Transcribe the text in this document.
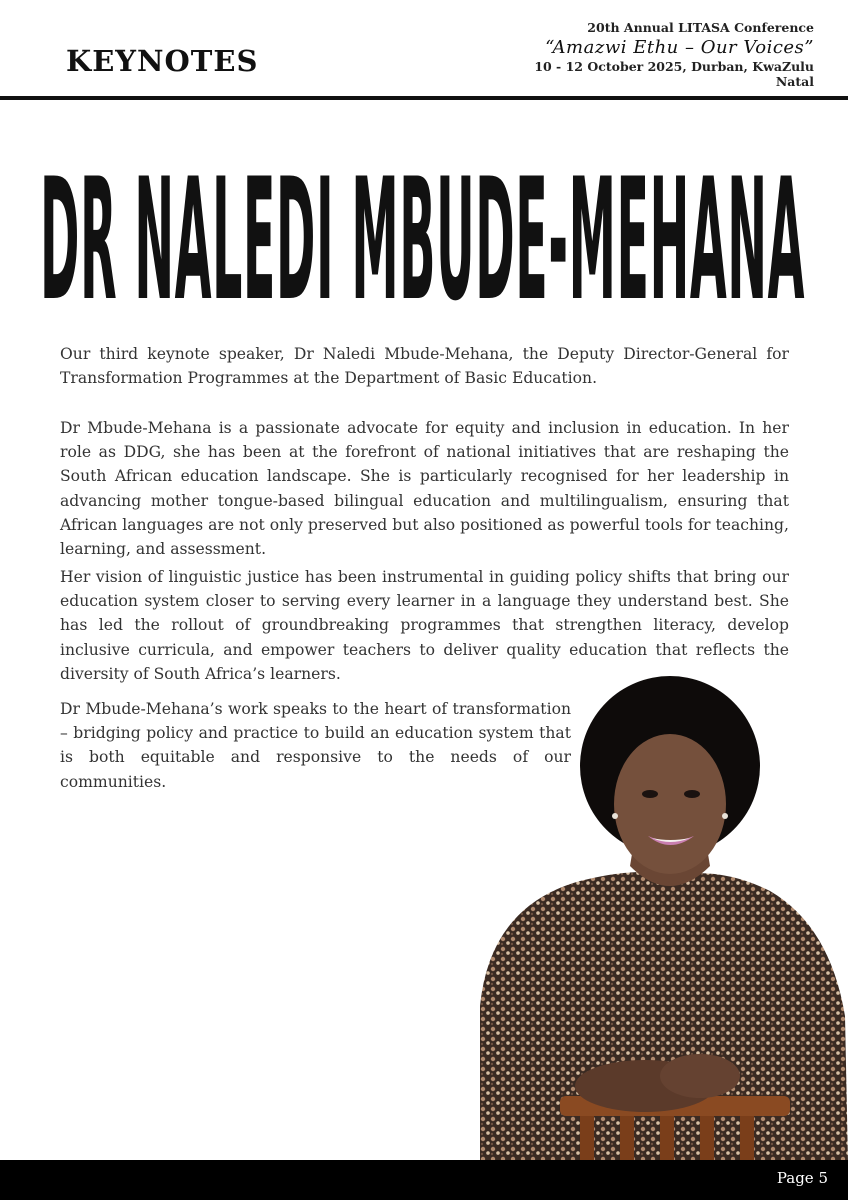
KEYNOTES
20th Annual LITASA Conference
“Amazwi Ethu – Our Voices”
10 - 12 October 2025, Durban, KwaZulu Natal
DR NALEDI MBUDE-MEHANA

Our third keynote speaker, Dr Naledi Mbude-Mehana, the Deputy Director-General for Transformation Programmes at the Department of Basic Education.

Dr Mbude-Mehana is a passionate advocate for equity and inclusion in education. In her role as DDG, she has been at the forefront of national initiatives that are reshaping the South African education landscape. She is particularly recognised for her leadership in advancing mother tongue-based bilingual education and multilingualism, ensuring that African languages are not only preserved but also positioned as powerful tools for teaching, learning, and assessment.

Her vision of linguistic justice has been instrumental in guiding policy shifts that bring our education system closer to serving every learner in a language they understand best. She has led the rollout of groundbreaking programmes that strengthen literacy, develop inclusive curricula, and empower teachers to deliver quality education that reflects the diversity of South Africa’s learners.

Dr Mbude-Mehana’s work speaks to the heart of transformation – bridging policy and practice to build an education system that is both equitable and responsive to the needs of our communities.

Page 5
